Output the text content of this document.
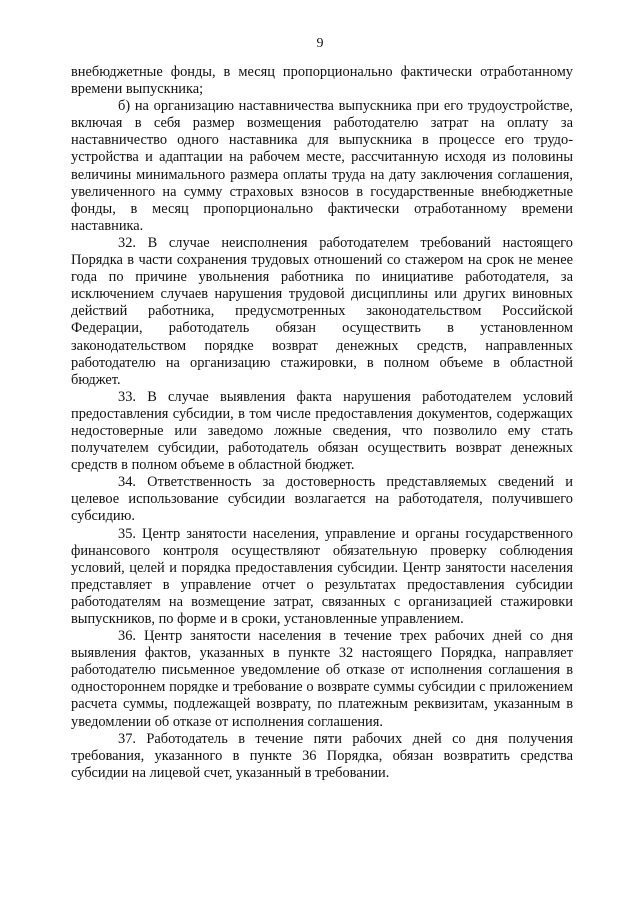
9

внебюджетные фонды, в месяц пропорционально фактически отработанному времени выпускника;

б) на организацию наставничества выпускника при его трудоустройстве, включая в себя размер возмещения работодателю затрат на оплату за наставничество одного наставника для выпускника в процессе его трудоустройства и адаптации на рабочем месте, рассчитанную исходя из половины величины минимального размера оплаты труда на дату заключения соглашения, увеличенного на сумму страховых взносов в государственные внебюджетные фонды, в месяц пропорционально фактически отработанному времени наставника.

32. В случае неисполнения работодателем требований настоящего Порядка в части сохранения трудовых отношений со стажером на срок не менее года по причине увольнения работника по инициативе работодателя, за исключением случаев нарушения трудовой дисциплины или других виновных действий работника, предусмотренных законодательством Российской Федерации, работодатель обязан осуществить в установленном законодательством порядке возврат денежных средств, направленных работодателю на организацию стажировки, в полном объеме в областной бюджет.

33. В случае выявления факта нарушения работодателем условий предоставления субсидии, в том числе предоставления документов, содержащих недостоверные или заведомо ложные сведения, что позволило ему стать получателем субсидии, работодатель обязан осуществить возврат денежных средств в полном объеме в областной бюджет.

34. Ответственность за достоверность представляемых сведений и целевое использование субсидии возлагается на работодателя, получившего субсидию.

35. Центр занятости населения, управление и органы государственного финансового контроля осуществляют обязательную проверку соблюдения условий, целей и порядка предоставления субсидии. Центр занятости населения представляет в управление отчет о результатах предоставления субсидии работодателям на возмещение затрат, связанных с организацией стажировки выпускников, по форме и в сроки, установленные управлением.

36. Центр занятости населения в течение трех рабочих дней со дня выявления фактов, указанных в пункте 32 настоящего Порядка, направляет работодателю письменное уведомление об отказе от исполнения соглашения в одностороннем порядке и требование о возврате суммы субсидии с приложением расчета суммы, подлежащей возврату, по платежным реквизитам, указанным в уведомлении об отказе от исполнения соглашения.

37. Работодатель в течение пяти рабочих дней со дня получения требования, указанного в пункте 36 Порядка, обязан возвратить средства субсидии на лицевой счет, указанный в требовании.
